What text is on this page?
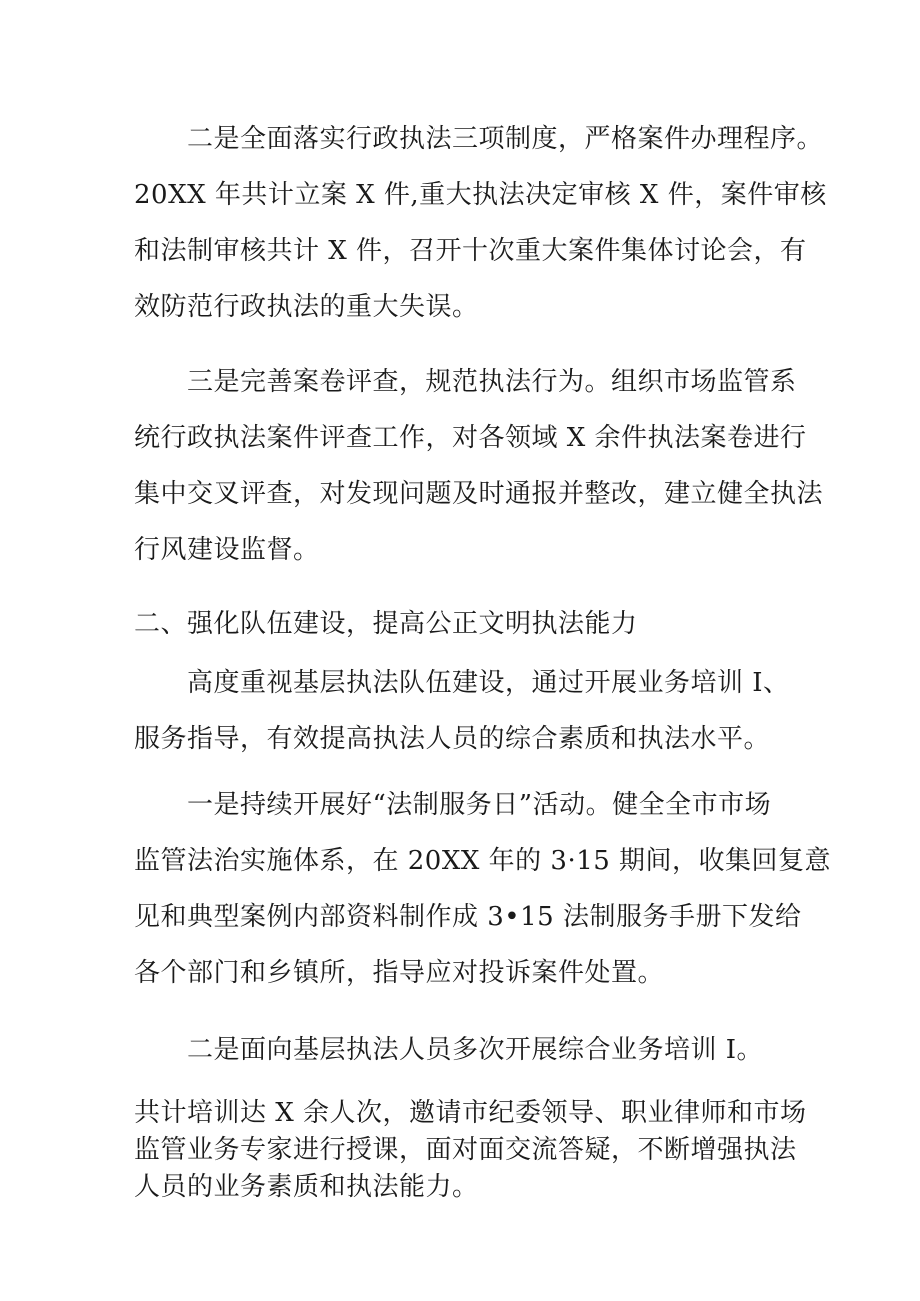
　　二是全面落实行政执法三项制度，严格案件办理程序。
20XX 年共计立案 X 件,重大执法决定审核 X 件，案件审核
和法制审核共计 X 件，召开十次重大案件集体讨论会，有
效防范行政执法的重大失误。
　　三是完善案卷评查，规范执法行为。组织市场监管系
统行政执法案件评查工作，对各领域 X 余件执法案卷进行
集中交叉评查，对发现问题及时通报并整改，建立健全执法
行风建设监督。
二、强化队伍建设，提高公正文明执法能力
　　高度重视基层执法队伍建设，通过开展业务培训 I、
服务指导，有效提高执法人员的综合素质和执法水平。
　　一是持续开展好“法制服务日”活动。健全全市市场
监管法治实施体系，在 20XX 年的 3·15 期间，收集回复意
见和典型案例内部资料制作成 3•15 法制服务手册下发给
各个部门和乡镇所，指导应对投诉案件处置。
　　二是面向基层执法人员多次开展综合业务培训 I。
共计培训达 X 余人次，邀请市纪委领导、职业律师和市场
监管业务专家进行授课，面对面交流答疑，不断增强执法
人员的业务素质和执法能力。
